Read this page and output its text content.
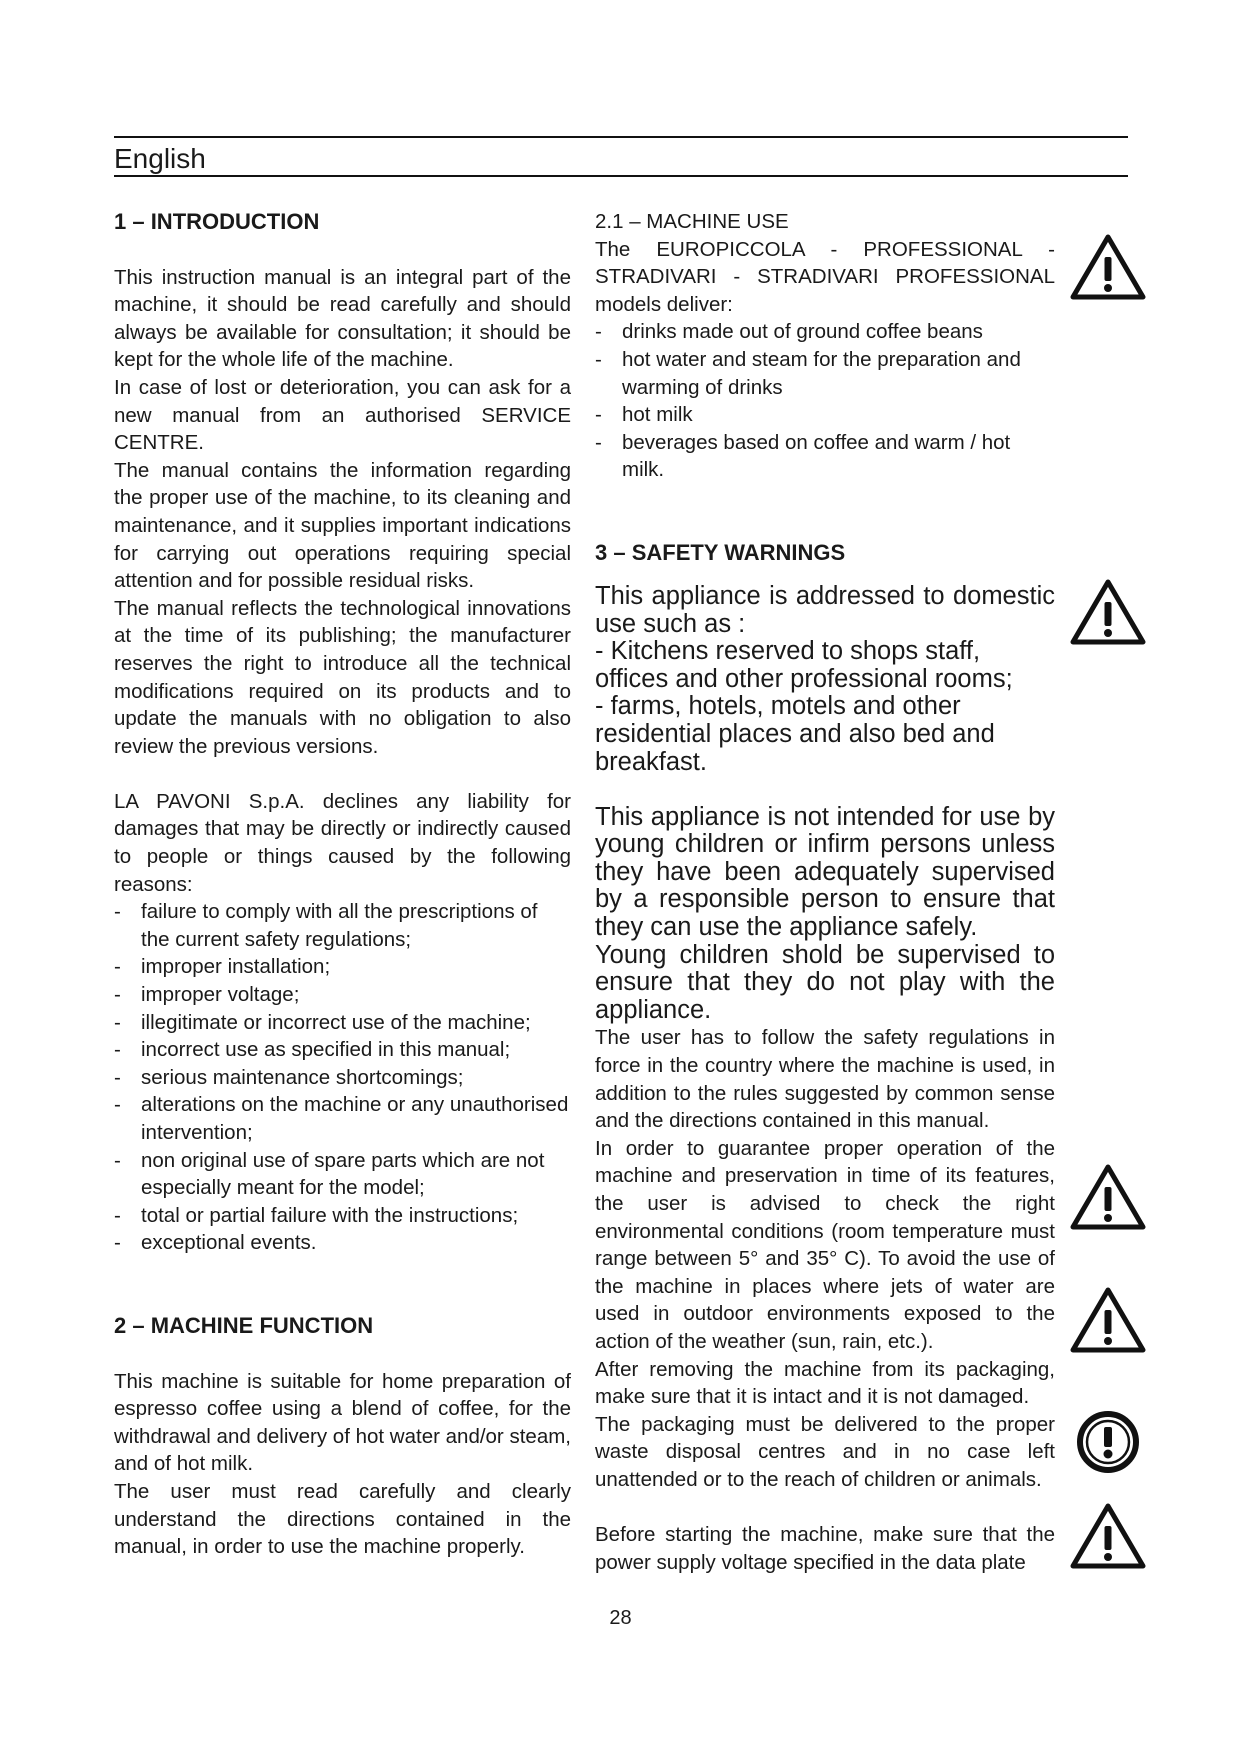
English
1 – INTRODUCTION

This instruction manual is an integral part of the machine, it should be read carefully and should always be available for consultation; it should be kept for the whole life of the machine.

In case of lost or deterioration, you can ask for a new manual from an authorised SERVICE CENTRE.

The manual contains the information regarding the proper use of the machine, to its cleaning and maintenance, and it supplies important indications for carrying out operations requiring special attention and for possible residual risks.

The manual reflects the technological innovations at the time of its publishing; the manufacturer reserves the right to introduce all the technical modifications required on its products and to update the manuals with no obligation to also review the previous versions.

LA PAVONI S.p.A. declines any liability for damages that may be directly or indirectly caused to people or things caused by the following reasons:

- failure to comply with all the prescriptions of the current safety regulations;
- improper installation;
- improper voltage;
- illegitimate or incorrect use of the machine;
- incorrect use as specified in this manual;
- serious maintenance shortcomings;
- alterations on the machine or any unauthorised intervention;
- non original use of spare parts which are not especially meant for the model;
- total or partial failure with the instructions;
- exceptional events.
2 – MACHINE FUNCTION

This machine is suitable for home preparation of espresso coffee using a blend of coffee, for the withdrawal and delivery of hot water and/or steam, and of hot milk.

The user must read carefully and clearly understand the directions contained in the manual, in order to use the machine properly.

2.1 – MACHINE USE

The EUROPICCOLA - PROFESSIONAL - STRADIVARI - STRADIVARI PROFESSIONAL models deliver:

- drinks made out of ground coffee beans
- hot water and steam for the preparation and warming of drinks
- hot milk
- beverages based on coffee and warm / hot milk.
3 – SAFETY WARNINGS

This appliance is addressed to domestic use such as :

- Kitchens reserved to shops staff, offices and other professional rooms;
- farms, hotels, motels and other residential places and also bed and breakfast.

This appliance is not intended for use by young children or infirm persons unless they have been adequately supervised by a responsible person to ensure that they can use the appliance safely.

Young children shold be supervised to ensure that they do not play with the appliance.

The user has to follow the safety regulations in force in the country where the machine is used, in addition to the rules suggested by common sense and the directions contained in this manual.

In order to guarantee proper operation of the machine and preservation in time of its features, the user is advised to check the right environmental conditions (room temperature must range between 5° and 35° C). To avoid the use of the machine in places where jets of water are used in outdoor environments exposed to the action of the weather (sun, rain, etc.).

After removing the machine from its packaging, make sure that it is intact and it is not damaged.

The packaging must be delivered to the proper waste disposal centres and in no case left unattended or to the reach of children or animals.

Before starting the machine, make sure that the power supply voltage specified in the data plate

28
